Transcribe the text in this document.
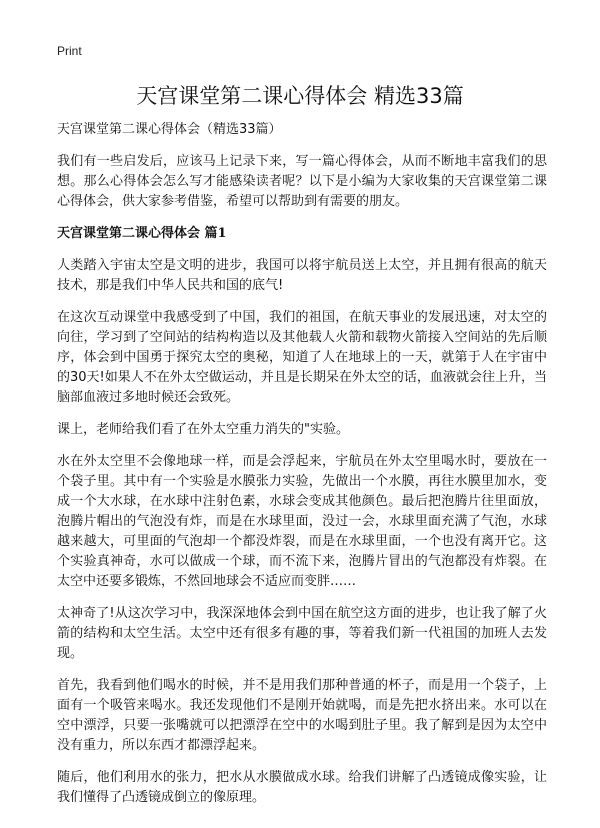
Print
天宫课堂第二课心得体会 精选33篇
天宫课堂第二课心得体会（精选33篇）

我们有一些启发后，应该马上记录下来，写一篇心得体会，从而不断地丰富我们的思想。那么心得体会怎么写才能感染读者呢？以下是小编为大家收集的天宫课堂第二课心得体会，供大家参考借鉴，希望可以帮助到有需要的朋友。

天宫课堂第二课心得体会 篇1

人类踏入宇宙太空是文明的进步，我国可以将宇航员送上太空，并且拥有很高的航天技术，那是我们中华人民共和国的底气!

在这次互动课堂中我感受到了中国，我们的祖国，在航天事业的发展迅速，对太空的向往，学习到了空间站的结构构造以及其他载人火箭和载物火箭接入空间站的先后顺序，体会到中国勇于探究太空的奥秘，知道了人在地球上的一天，就第于人在宇宙中的30天!如果人不在外太空做运动，并且是长期呆在外太空的话，血液就会往上升，当脑部血液过多地时候还会致死。

课上，老师给我们看了在外太空重力消失的"实验。

水在外太空里不会像地球一样，而是会浮起来，宇航员在外太空里喝水时，要放在一个袋子里。其中有一个实验是水膜张力实验，先做出一个水膜，再往水膜里加水，变成一个大水球，在水球中注射色素，水球会变成其他颜色。最后把泡腾片往里面放，泡腾片帽出的气泡没有炸，而是在水球里面，没过一会，水球里面充满了气泡，水球越来越大，可里面的气泡却一个都没炸裂，而是在水球里面，一个也没有离开它。这个实验真神奇，水可以做成一个球，而不流下来，泡腾片冒出的气泡都没有炸裂。在太空中还要多锻炼，不然回地球会不适应而变胖……

太神奇了!从这次学习中，我深深地体会到中国在航空这方面的进步，也让我了解了火箭的结构和太空生活。太空中还有很多有趣的事，等着我们新一代祖国的加班人去发现。

首先，我看到他们喝水的时候，并不是用我们那种普通的杯子，而是用一个袋子，上面有一个吸管来喝水。我还发现他们不是刚开始就喝，而是先把水挤出来。水可以在空中漂浮，只要一张嘴就可以把漂浮在空中的水喝到肚子里。我了解到是因为太空中没有重力，所以东西才都漂浮起来。

随后，他们利用水的张力，把水从水膜做成水球。给我们讲解了凸透镜成像实验，让我们懂得了凸透镜成倒立的像原理。
